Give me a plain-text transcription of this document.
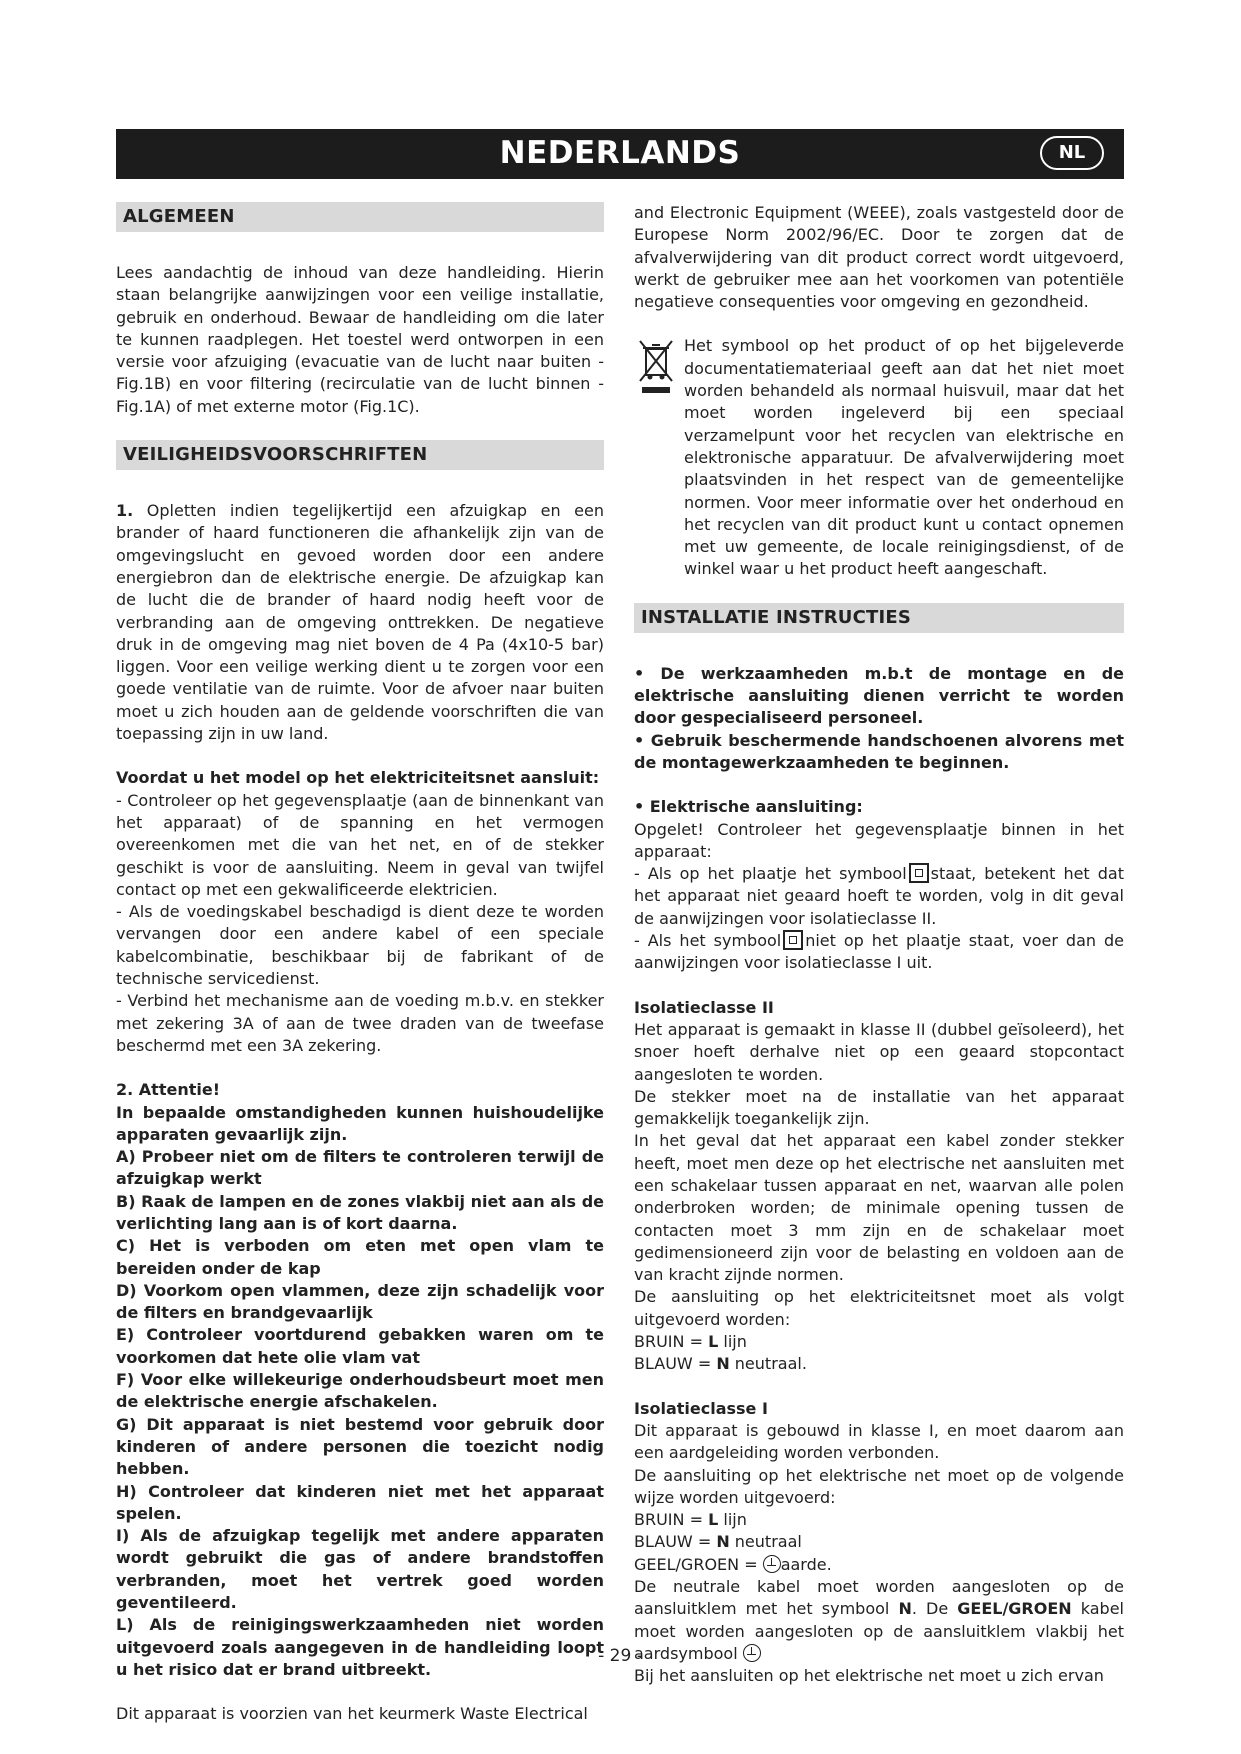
NEDERLANDS	NL
ALGEMEEN

Lees aandachtig de inhoud van deze handleiding. Hierin staan belangrijke aanwijzingen voor een veilige installatie, gebruik en onderhoud. Bewaar de handleiding om die later te kunnen raadplegen. Het toestel werd ontworpen in een versie voor afzuiging (evacuatie van de lucht naar buiten - Fig.1B) en voor filtering (recirculatie van de lucht binnen - Fig.1A) of met externe motor (Fig.1C).

VEILIGHEIDSVOORSCHRIFTEN

1. Opletten indien tegelijkertijd een afzuigkap en een brander of haard functioneren die afhankelijk zijn van de omgevingslucht en gevoed worden door een andere energiebron dan de elektrische energie. De afzuigkap kan de lucht die de brander of haard nodig heeft voor de verbranding aan de omgeving onttrekken. De negatieve druk in de omgeving mag niet boven de 4 Pa (4x10-5 bar) liggen. Voor een veilige werking dient u te zorgen voor een goede ventilatie van de ruimte. Voor de afvoer naar buiten moet u zich houden aan de geldende voorschriften die van toepassing zijn in uw land.

Voordat u het model op het elektriciteitsnet aansluit:

- Controleer op het gegevensplaatje (aan de binnenkant van het apparaat) of de spanning en het vermogen overeenkomen met die van het net, en of de stekker geschikt is voor de aansluiting. Neem in geval van twijfel contact op met een gekwalificeerde elektricien.

- Als de voedingskabel beschadigd is dient deze te worden vervangen door een andere kabel of een speciale kabelcombinatie, beschikbaar bij de fabrikant of de technische servicedienst.

- Verbind het mechanisme aan de voeding m.b.v. en stekker met zekering 3A of aan de twee draden van de tweefase beschermd met een 3A zekering.

2. Attentie!

In bepaalde omstandigheden kunnen huishoudelijke apparaten gevaarlijk zijn.

A) Probeer niet om de filters te controleren terwijl de afzuigkap werkt

B) Raak de lampen en de zones vlakbij niet aan als de verlichting lang aan is of kort daarna.

C) Het is verboden om eten met open vlam te bereiden onder de kap

D) Voorkom open vlammen, deze zijn schadelijk voor de filters en brandgevaarlijk

E) Controleer voortdurend gebakken waren om te voorkomen dat hete olie vlam vat

F) Voor elke willekeurige onderhoudsbeurt moet men de elektrische energie afschakelen.

G) Dit apparaat is niet bestemd voor gebruik door kinderen of andere personen die toezicht nodig hebben.

H) Controleer dat kinderen niet met het apparaat spelen.

I) Als de afzuigkap tegelijk met andere apparaten wordt gebruikt die gas of andere brandstoffen verbranden, moet het vertrek goed worden geventileerd.

L) Als de reinigingswerkzaamheden niet worden uitgevoerd zoals aangegeven in de handleiding loopt u het risico dat er brand uitbreekt.

Dit apparaat is voorzien van het keurmerk Waste Electrical

and Electronic Equipment (WEEE), zoals vastgesteld door de Europese Norm 2002/96/EC. Door te zorgen dat de afvalverwijdering van dit product correct wordt uitgevoerd, werkt de gebruiker mee aan het voorkomen van potentiële negatieve consequenties voor omgeving en gezondheid.

Het symbool op het product of op het bijgeleverde documentatiemateriaal geeft aan dat het niet moet worden behandeld als normaal huisvuil, maar dat het moet worden ingeleverd bij een speciaal verzamelpunt voor het recyclen van elektrische en elektronische apparatuur. De afvalverwijdering moet plaatsvinden in het respect van de gemeentelijke normen. Voor meer informatie over het onderhoud en het recyclen van dit product kunt u contact opnemen met uw gemeente, de locale reinigingsdienst, of de winkel waar u het product heeft aangeschaft.

INSTALLATIE INSTRUCTIES

• De werkzaamheden m.b.t de montage en de elektrische aansluiting dienen verricht te worden door gespecialiseerd personeel.

• Gebruik beschermende handschoenen alvorens met de montagewerkzaamheden te beginnen.

• Elektrische aansluiting:

Opgelet! Controleer het gegevensplaatje binnen in het apparaat:

- Als op het plaatje het symbool staat, betekent het dat het apparaat niet geaard hoeft te worden, volg in dit geval de aanwijzingen voor isolatieclasse II.

- Als het symbool niet op het plaatje staat, voer dan de aanwijzingen voor isolatieclasse I uit.

Isolatieclasse II

Het apparaat is gemaakt in klasse II (dubbel geïsoleerd), het snoer hoeft derhalve niet op een geaard stopcontact aangesloten te worden.

De stekker moet na de installatie van het apparaat gemakkelijk toegankelijk zijn.

In het geval dat het apparaat een kabel zonder stekker heeft, moet men deze op het electrische net aansluiten met een schakelaar tussen apparaat en net, waarvan alle polen onderbroken worden; de minimale opening tussen de contacten moet 3 mm zijn en de schakelaar moet gedimensioneerd zijn voor de belasting en voldoen aan de van kracht zijnde normen.

De aansluiting op het elektriciteitsnet moet als volgt uitgevoerd worden:

BRUIN = L lijn

BLAUW = N neutraal.

Isolatieclasse I

Dit apparaat is gebouwd in klasse I, en moet daarom aan een aardgeleiding worden verbonden.

De aansluiting op het elektrische net moet op de volgende wijze worden uitgevoerd:

BRUIN = L lijn

BLAUW = N neutraal

GEEL/GROEN = aarde.

De neutrale kabel moet worden aangesloten op de aansluitklem met het symbool N. De GEEL/GROEN kabel moet worden aangesloten op de aansluitklem vlakbij het aardsymbool

Bij het aansluiten op het elektrische net moet u zich ervan

- 29 -
